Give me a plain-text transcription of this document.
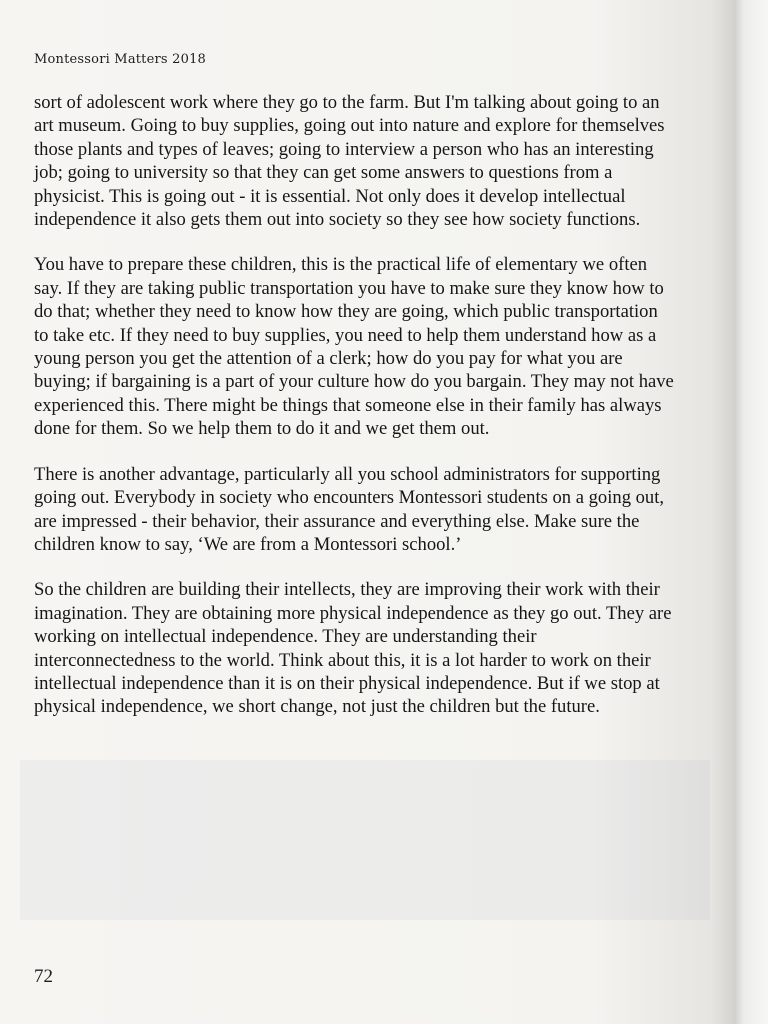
Montessori Matters 2018

sort of adolescent work where they go to the farm. But I'm talking about going to an art museum. Going to buy supplies, going out into nature and explore for themselves those plants and types of leaves; going to interview a person who has an interesting job; going to university so that they can get some answers to questions from a physicist. This is going out - it is essential. Not only does it develop intellectual independence it also gets them out into society so they see how society functions.

You have to prepare these children, this is the practical life of elementary we often say. If they are taking public transportation you have to make sure they know how to do that; whether they need to know how they are going, which public transportation to take etc. If they need to buy supplies, you need to help them understand how as a young person you get the attention of a clerk; how do you pay for what you are buying; if bargaining is a part of your culture how do you bargain. They may not have experienced this. There might be things that someone else in their family has always done for them. So we help them to do it and we get them out.

There is another advantage, particularly all you school administrators for supporting going out. Everybody in society who encounters Montessori students on a going out, are impressed - their behavior, their assurance and everything else. Make sure the children know to say, ‘We are from a Montessori school.’

So the children are building their intellects, they are improving their work with their imagination. They are obtaining more physical independence as they go out. They are working on intellectual independence. They are understanding their interconnectedness to the world. Think about this, it is a lot harder to work on their intellectual independence than it is on their physical independence. But if we stop at physical independence, we short change, not just the children but the future.

72
